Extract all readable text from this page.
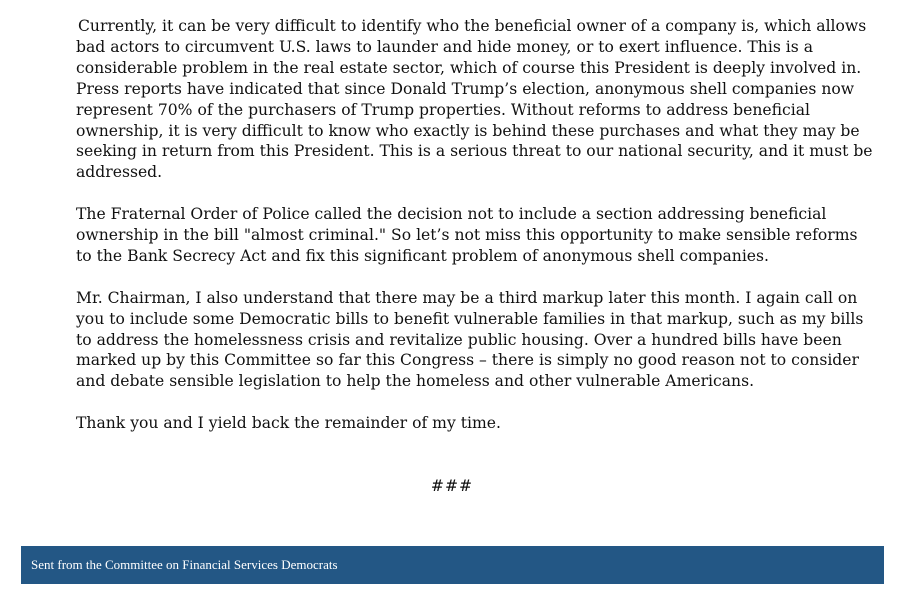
Currently, it can be very difficult to identify who the beneficial owner of a company is, which allows bad actors to circumvent U.S. laws to launder and hide money, or to exert influence. This is a considerable problem in the real estate sector, which of course this President is deeply involved in. Press reports have indicated that since Donald Trump’s election, anonymous shell companies now represent 70% of the purchasers of Trump properties. Without reforms to address beneficial ownership, it is very difficult to know who exactly is behind these purchases and what they may be seeking in return from this President. This is a serious threat to our national security, and it must be addressed.

The Fraternal Order of Police called the decision not to include a section addressing beneficial ownership in the bill "almost criminal." So let’s not miss this opportunity to make sensible reforms to the Bank Secrecy Act and fix this significant problem of anonymous shell companies.

Mr. Chairman, I also understand that there may be a third markup later this month. I again call on you to include some Democratic bills to benefit vulnerable families in that markup, such as my bills to address the homelessness crisis and revitalize public housing. Over a hundred bills have been marked up by this Committee so far this Congress – there is simply no good reason not to consider and debate sensible legislation to help the homeless and other vulnerable Americans.

Thank you and I yield back the remainder of my time.

###
Sent from the Committee on Financial Services Democrats
